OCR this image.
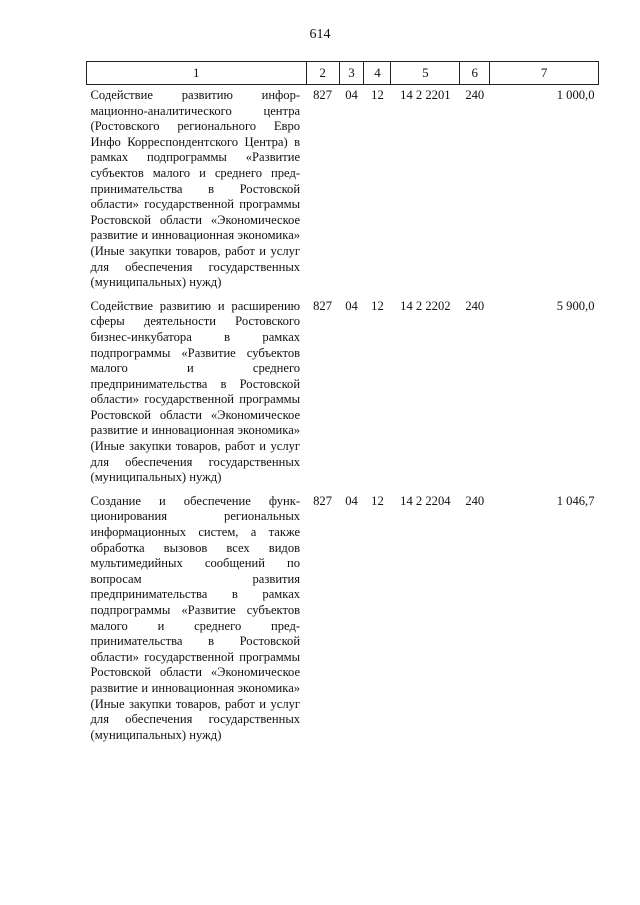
614
1	2	3	4	5	6	7
Содействие развитию информационно-аналитического центра (Ростовского регионального Евро Инфо Корреспондентского Центра) в рамках подпрограммы «Развитие субъектов малого и среднего предпринимательства в Ростовской области» государственной программы Ростовской области «Экономическое развитие и инновационная экономика» (Иные закупки товаров, работ и услуг для обеспечения государственных (муниципальных) нужд)	827	04	12	14 2 2201	240	1 000,0
Содействие развитию и расширению сферы деятельности Ростовского бизнес-инкубатора в рамках подпрограммы «Развитие субъектов малого и среднего предпринимательства в Ростовской области» государственной программы Ростовской области «Экономическое развитие и инновационная экономика» (Иные закупки товаров, работ и услуг для обеспечения государственных (муниципальных) нужд)	827	04	12	14 2 2202	240	5 900,0
Создание и обеспечение функционирования региональных информационных систем, а также обработка вызовов всех видов мультимедийных сообщений по вопросам развития предпринимательства в рамках подпрограммы «Развитие субъектов малого и среднего предпринимательства в Ростовской области» государственной программы Ростовской области «Экономическое развитие и инновационная экономика» (Иные закупки товаров, работ и услуг для обеспечения государственных (муниципальных) нужд)	827	04	12	14 2 2204	240	1 046,7
